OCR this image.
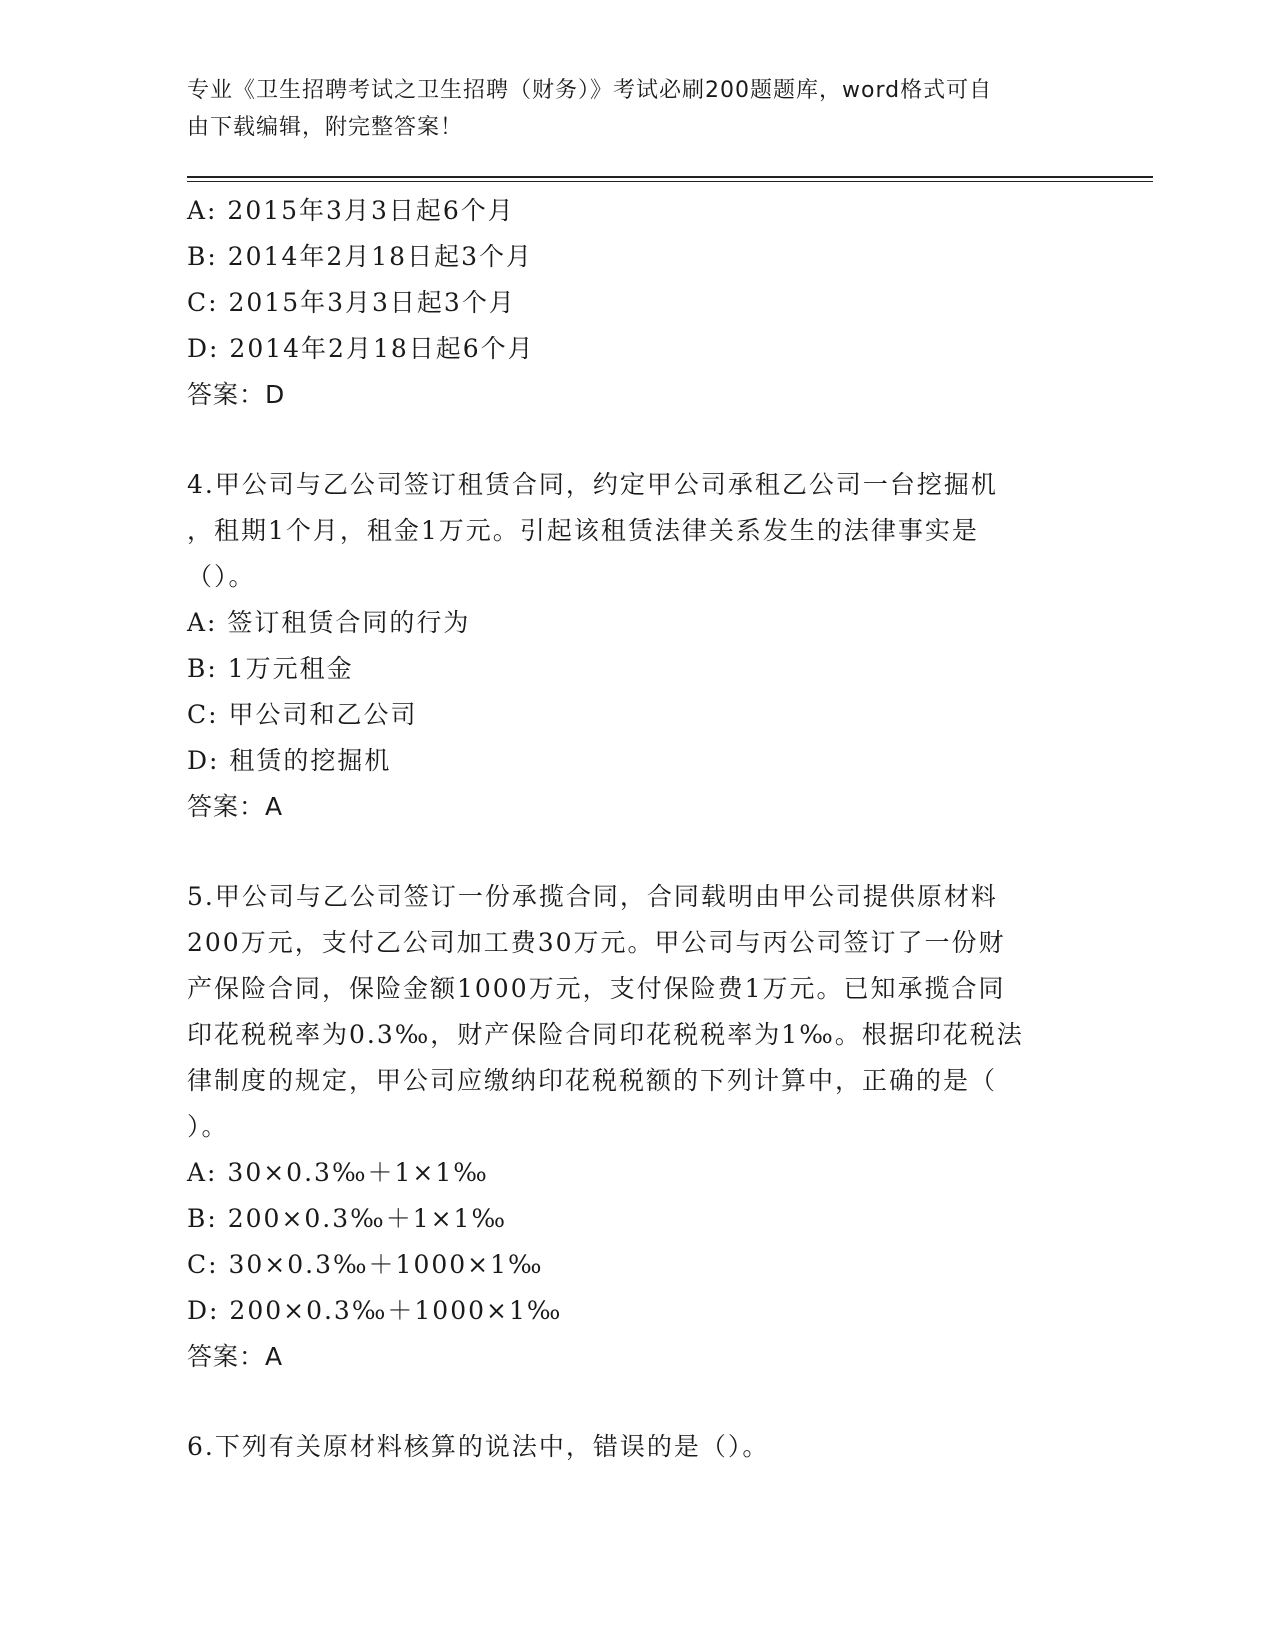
专业《卫生招聘考试之卫生招聘（财务）》考试必刷200题题库，word格式可自
由下载编辑，附完整答案！
A: 2015年3月3日起6个月
B: 2014年2月18日起3个月
C: 2015年3月3日起3个月
D: 2014年2月18日起6个月
答案：D
4.甲公司与乙公司签订租赁合同，约定甲公司承租乙公司一台挖掘机
，租期1个月，租金1万元。引起该租赁法律关系发生的法律事实是
（）。
A: 签订租赁合同的行为
B: 1万元租金
C: 甲公司和乙公司
D: 租赁的挖掘机
答案：A
5.甲公司与乙公司签订一份承揽合同，合同载明由甲公司提供原材料
200万元，支付乙公司加工费30万元。甲公司与丙公司签订了一份财
产保险合同，保险金额1000万元，支付保险费1万元。已知承揽合同
印花税税率为0.3‰，财产保险合同印花税税率为1‰。根据印花税法
律制度的规定，甲公司应缴纳印花税税额的下列计算中，正确的是（
）。
A: 30×0.3‰＋1×1‰
B: 200×0.3‰＋1×1‰
C: 30×0.3‰＋1000×1‰
D: 200×0.3‰＋1000×1‰
答案：A
6.下列有关原材料核算的说法中，错误的是（）。
